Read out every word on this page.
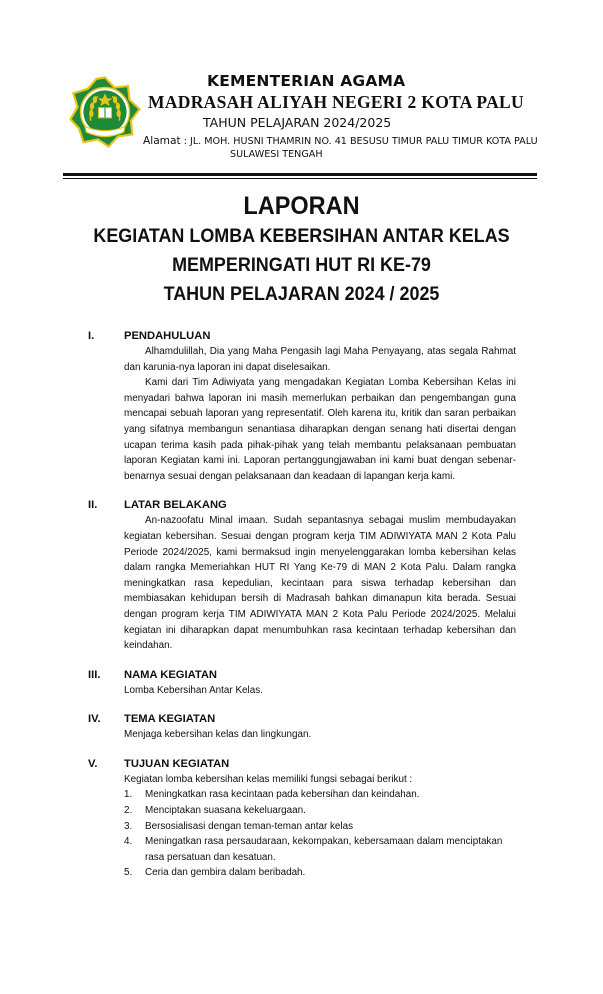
KEMENTERIAN AGAMA
MADRASAH ALIYAH NEGERI 2 KOTA PALU
TAHUN PELAJARAN 2024/2025
Alamat : JL. MOH. HUSNI THAMRIN NO. 41 BESUSU TIMUR PALU TIMUR KOTA PALU
SULAWESI TENGAH
LAPORAN
KEGIATAN LOMBA KEBERSIHAN ANTAR KELAS
MEMPERINGATI HUT RI KE-79
TAHUN PELAJARAN 2024 / 2025
I.	PENDAHULUAN

Alhamdulillah, Dia yang Maha Pengasih lagi Maha Penyayang, atas segala Rahmat dan karunia-nya laporan ini dapat diselesaikan.

Kami dari Tim Adiwiyata yang mengadakan Kegiatan Lomba Kebersihan Kelas ini menyadari bahwa laporan ini masih memerlukan perbaikan dan pengembangan guna mencapai sebuah laporan yang representatif. Oleh karena itu, kritik dan saran perbaikan yang sifatnya membangun senantiasa diharapkan dengan senang hati disertai dengan ucapan terima kasih pada pihak-pihak yang telah membantu pelaksanaan pembuatan laporan Kegiatan kami ini. Laporan pertanggungjawaban ini kami buat dengan sebenar-benarnya sesuai dengan pelaksanaan dan keadaan di lapangan kerja kami.

II. LATAR BELAKANG

An-nazoofatu Minal imaan. Sudah sepantasnya sebagai muslim membudayakan kegiatan kebersihan. Sesuai dengan program kerja TIM ADIWIYATA MAN 2 Kota Palu Periode 2024/2025, kami bermaksud ingin menyelenggarakan lomba kebersihan kelas dalam rangka Memeriahkan HUT RI Yang Ke-79 di MAN 2 Kota Palu. Dalam rangka meningkatkan rasa kepedulian, kecintaan para siswa terhadap kebersihan dan membiasakan kehidupan bersih di Madrasah bahkan dimanapun kita berada. Sesuai dengan program kerja TIM ADIWIYATA MAN 2 Kota Palu Periode 2024/2025. Melalui kegiatan ini diharapkan dapat menumbuhkan rasa kecintaan terhadap kebersihan dan keindahan.

III. NAMA KEGIATAN

Lomba Kebersihan Antar Kelas.

IV. TEMA KEGIATAN

Menjaga kebersihan kelas dan lingkungan.

V. TUJUAN KEGIATAN

Kegiatan lomba kebersihan kelas memiliki fungsi sebagai berikut :

1. Meningkatkan rasa kecintaan pada kebersihan dan keindahan.
2. Menciptakan suasana kekeluargaan.
3. Bersosialisasi dengan teman-teman antar kelas
4. Meningatkan rasa persaudaraan, kekompakan, kebersamaan dalam menciptakan rasa persatuan dan kesatuan.
5. Ceria dan gembira dalam beribadah.
